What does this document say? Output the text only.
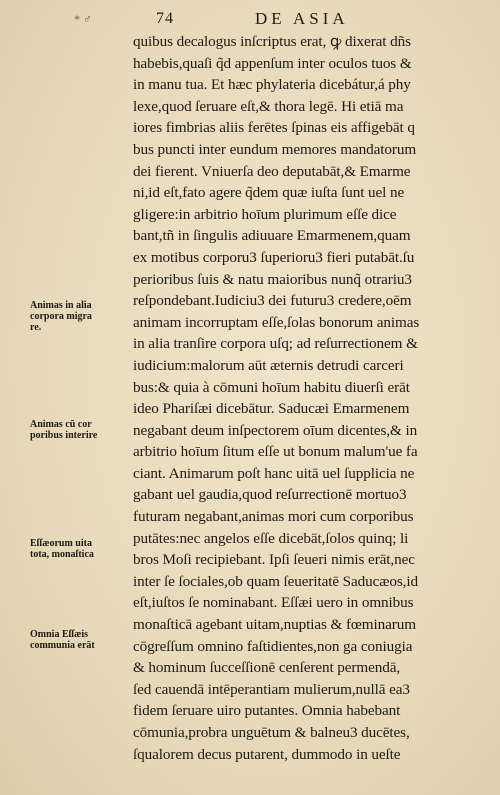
* ♂	74	DE ASIA
quibus decalogus inſcriptus erat, ꝙ dixerat dñs
habebis,quaſi q̃d appenſum inter oculos tuos &
in manu tua. Et hæc phylateria dicebátur,á phy
lexe,quod ſeruare eſt,& thora legē. Hi etiā ma
iores fimbrias aliis ferētes ſpinas eis affigebāt q
bus puncti inter eundum memores mandatorum
dei fierent. Vniuerſa deo deputabāt,& Emarme
ni,id eſt,fato agere q̃dem quæ iuſta ſunt uel ne
gligere:in arbitrio hoīum plurimum eſſe dice
bant,tñ in ſingulis adiuuare Emarmenem,quam
ex motibus corporu3 ſuperioru3 fieri putabāt.ſu
perioribus ſuis & natu maioribus nunq̃ otrariu3
reſpondebant.Iudiciu3 dei futuru3 credere,oēm
animam incorruptam eſſe,ſolas bonorum animas
in alia tranſire corpora uſq; ad reſurrectionem &
iudicium:malorum aūt æternis detrudi carceri
bus:& quia à cōmuni hoīum habitu diuerſi erāt
ideo Phariſæi dicebātur. Saducæi Emarmenem
negabant deum inſpectorem oīum dicentes,& in
arbitrio hoīum ſitum eſſe ut bonum malum'ue fa
ciant. Animarum poſt hanc uitā uel ſupplicia ne
gabant uel gaudia,quod reſurrectionē mortuo3
futuram negabant,animas mori cum corporibus
putātes:nec angelos eſſe dicebāt,ſolos quinq; li
bros Moſi recipiebant. Ipſi ſeueri nimis erāt,nec
inter ſe ſociales,ob quam ſeueritatē Saducæos,id
eſt,iuſtos ſe nominabant. Eſſæi uero in omnibus
monaſticā agebant uitam,nuptias & fœminarum
cōgreſſum omnino faſtidientes,non ga coniugia
& hominum ſucceſſionē cenſerent permendā,
ſed cauendā intēperantiam mulierum,nullā ea3
fidem ſeruare uiro putantes. Omnia habebant
cōmunia,probra unguētum & balneu3 ducētes,
ſqualorem decus putarent, dummodo in ueſte
Animas in alia
corpora migra
re.
Animas cū cor
poribus interire
Eſſæorum uita
tota, monaſtica
Omnia Eſſæis
communia erāt
